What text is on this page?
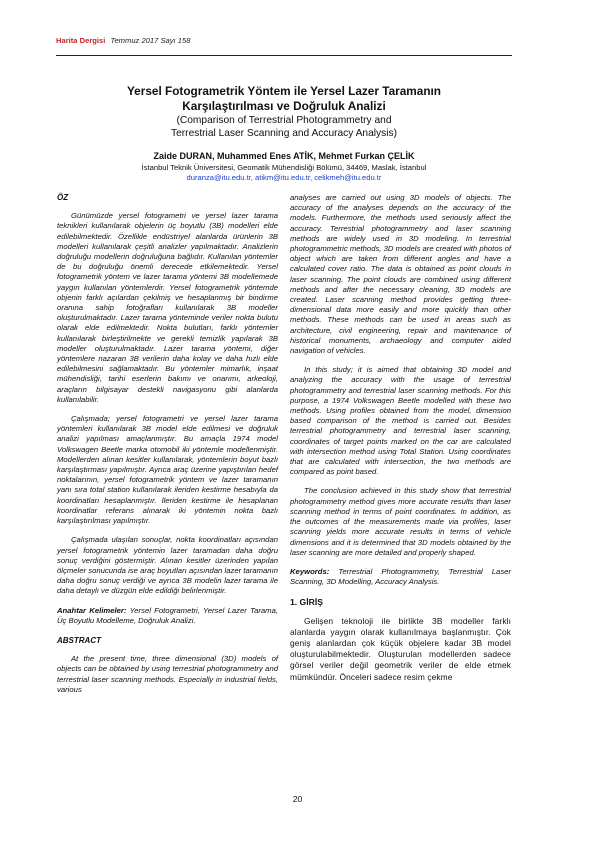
Harita Dergisi Temmuz 2017 Sayı 158
Yersel Fotogrametrik Yöntem ile Yersel Lazer Taramanın
Karşılaştırılması ve Doğruluk Analizi
(Comparison of Terrestrial Photogrammetry and
Terrestrial Laser Scanning and Accuracy Analysis)
Zaide DURAN, Muhammed Enes ATİK, Mehmet Furkan ÇELİK
İstanbul Teknik Üniversitesi, Geomatik Mühendisliği Bölümü, 34469, Maslak, İstanbul
duranza@itu.edu.tr, atikm@itu.edu.tr, celikmeh@itu.edu.tr
ÖZ

Günümüzde yersel fotogrametri ve yersel lazer tarama teknikleri kullanılarak objelerin üç boyutlu (3B) modelleri elde edilebilmektedir. Özellikle endüstriyel alanlarda ürünlerin 3B modelleri kullanılarak çeşitli analizler yapılmaktadır. Analizlerin doğruluğu modellerin doğruluğuna bağlıdır. Kullanılan yöntemler de bu doğruluğu önemli derecede etkilemektedir. Yersel fotogrametrik yöntem ve lazer tarama yöntemi 3B modellemede yaygın kullanılan yöntemlerdir. Yersel fotogrametrik yöntemde objenin farklı açılardan çekilmiş ve hesaplanmış bir bindirme oranına sahip fotoğrafları kullanılarak 3B modeller oluşturulmaktadır. Lazer tarama yönteminde veriler nokta bulutu olarak elde edilmektedir. Nokta bulutları, farklı yöntemler kullanılarak birleştirilmekte ve gerekli temizlik yapılarak 3B modeller oluşturulmaktadır. Lazer tarama yöntemi, diğer yöntemlere nazaran 3B verilerin daha kolay ve daha hızlı elde edilebilmesini sağlamaktadır. Bu yöntemler mimarlık, inşaat mühendisliği, tarihi eserlerin bakımı ve onarımı, arkeoloji, araçların bilgisayar destekli navigasyonu gibi alanlarda kullanılabilir.

Çalışmada; yersel fotogrametri ve yersel lazer tarama yöntemleri kullanılarak 3B model elde edilmesi ve doğruluk analizi yapılması amaçlanmıştır. Bu amaçla 1974 model Volkswagen Beetle marka otomobil iki yöntemle modellenmiştir. Modellerden alınan kesitler kullanılarak, yöntemlerin boyut bazlı karşılaştırması yapılmıştır. Ayrıca araç üzerine yapıştırılan hedef noktalarının, yersel fotogrametrik yöntem ve lazer taramanın yanı sıra total station kullanılarak ileriden kestirme hesabıyla da koordinatları hesaplanmıştır. İleriden kestirme ile hesaplanan koordinatlar referans alınarak iki yöntemin nokta bazlı karşılaştırılması yapılmıştır.

Çalışmada ulaşılan sonuçlar, nokta koordinatları açısından yersel fotogrametrik yöntemin lazer taramadan daha doğru sonuç verdiğini göstermiştir. Alınan kesitler üzerinden yapılan ölçmeler sonucunda ise araç boyutları açısından lazer taramanın daha doğru sonuç verdiği ve ayrıca 3B modelin lazer tarama ile daha detaylı ve düzgün elde edildiği belirlenmiştir.

Anahtar Kelimeler: Yersel Fotogrametri, Yersel Lazer Tarama, Üç Boyutlu Modelleme, Doğruluk Analizi.

ABSTRACT

At the present time, three dimensional (3D) models of objects can be obtained by using terrestrial photogrammetry and terrestrial laser scanning methods. Especially in industrial fields, various

analyses are carried out using 3D models of objects. The accuracy of the analyses depends on the accuracy of the models. Furthermore, the methods used seriously affect the accuracy. Terrestrial photogrammetry and laser scanning methods are widely used in 3D modeling. In terrestrial photogrammetric methods, 3D models are created with photos of object which are taken from different angles and have a calculated cover ratio. The data is obtained as point clouds in laser scanning. The point clouds are combined using different methods and after the necessary cleaning, 3D models are created. Laser scanning method provides getting three-dimensional data more easily and more quickly than other methods. These methods can be used in areas such as architecture, civil engineering, repair and maintenance of historical monuments, archaeology and computer aided navigation of vehicles.

In this study; it is aimed that obtaining 3D model and analyzing the accuracy with the usage of terrestrial photogrammetry and terrestrial laser scanning methods. For this purpose, a 1974 Volkswagen Beetle modelled with these two methods. Using profiles obtained from the model, dimension based comparison of the method is carried out. Besides terrestrial photogrammetry and terrestrial laser scanning, coordinates of target points marked on the car are calculated with intersection method using Total Station. Using coordinates that are calculated with intersection, the two methods are compared as point based.

The conclusion achieved in this study show that terrestrial photogrammetry method gives more accurate results than laser scanning method in terms of point coordinates. In addition, as the outcomes of the measurements made via profiles, laser scanning yields more accurate results in terms of vehicle dimensions and it is determined that 3D models obtained by the laser scanning are more detailed and properly shaped.

Keywords: Terrestrial Photogrammetry, Terrestrial Laser Scanning, 3D Modelling, Accuracy Analysis.

1. GİRİŞ

Gelişen teknoloji ile birlikte 3B modeller farklı alanlarda yaygın olarak kullanılmaya başlanmıştır. Çok geniş alanlardan çok küçük objelere kadar 3B model oluşturulabilmektedir. Oluşturulan modellerden sadece görsel veriler değil geometrik veriler de elde etmek mümkündür. Önceleri sadece resim çekme

20
